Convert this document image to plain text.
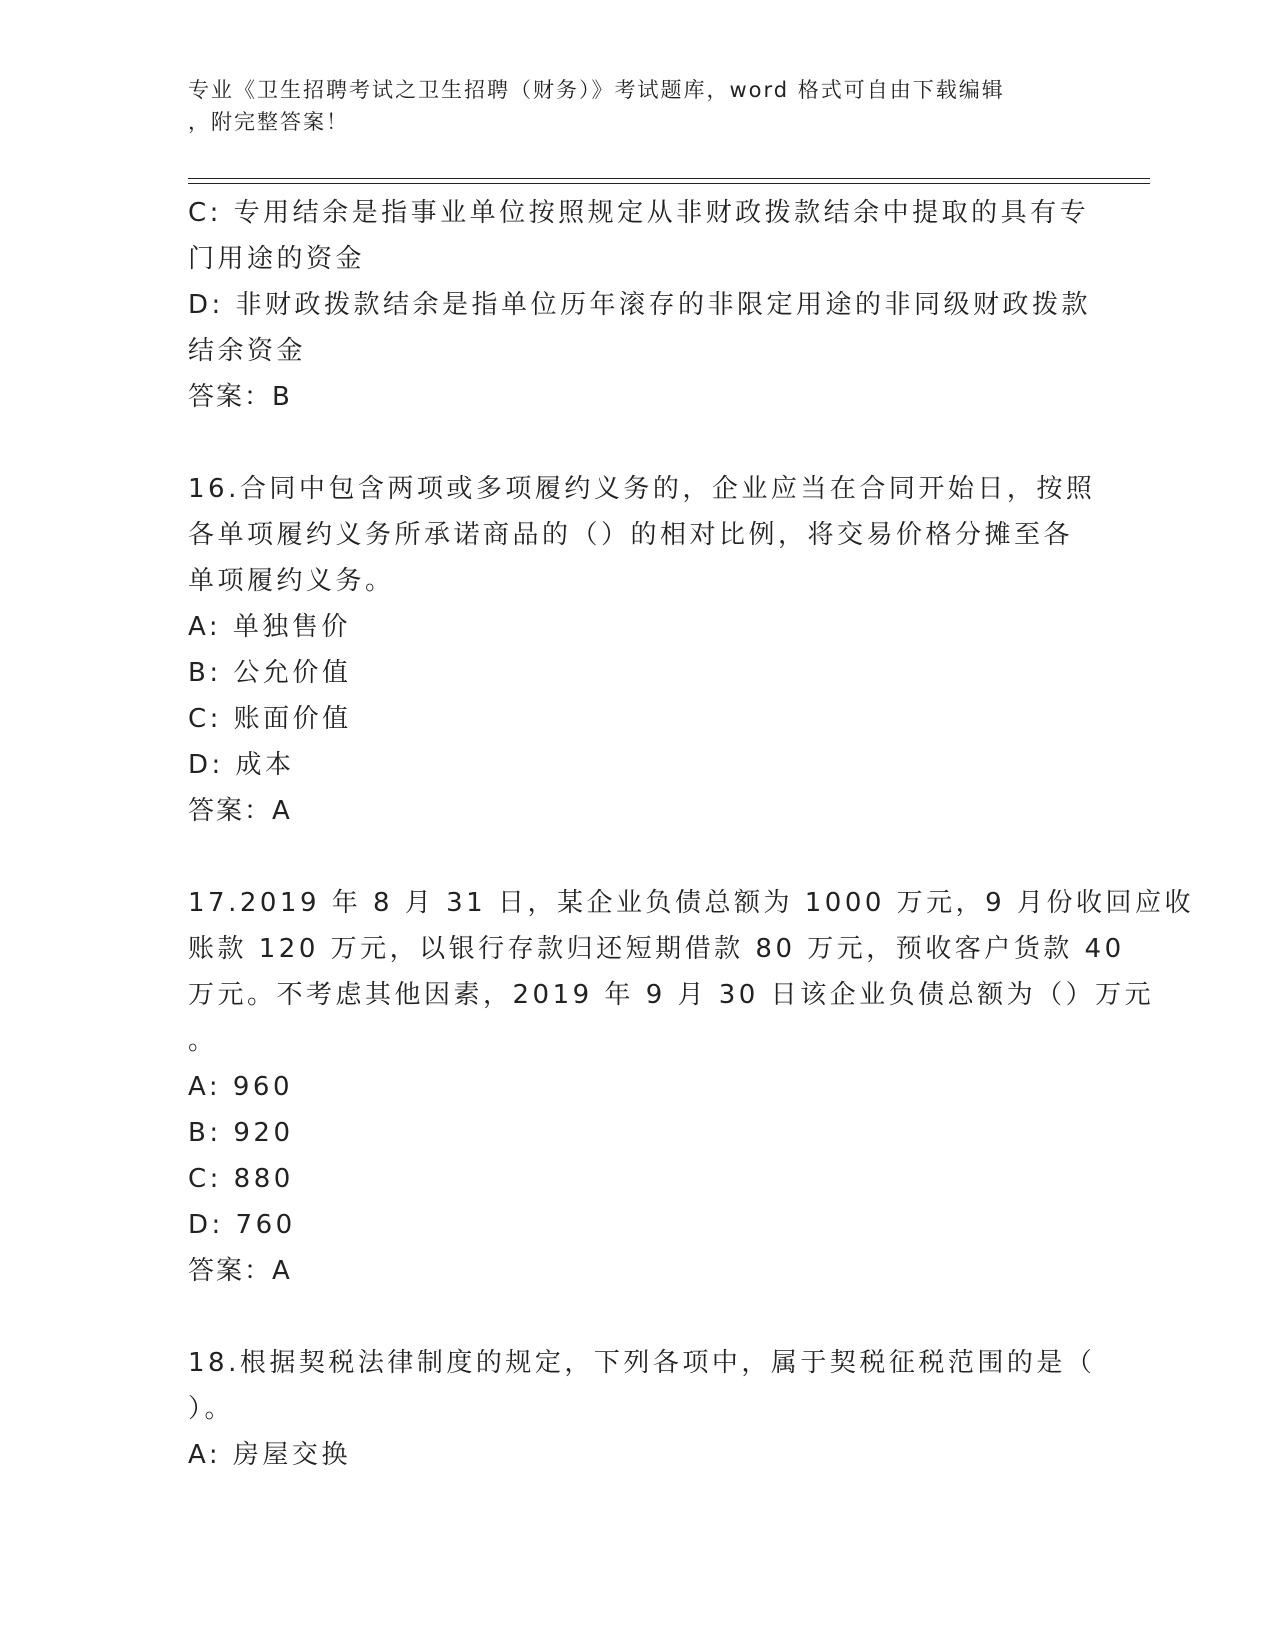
专业《卫生招聘考试之卫生招聘（财务）》考试题库，word 格式可自由下载编辑
，附完整答案！
C: 专用结余是指事业单位按照规定从非财政拨款结余中提取的具有专
门用途的资金
D: 非财政拨款结余是指单位历年滚存的非限定用途的非同级财政拨款
结余资金
答案：B
16.合同中包含两项或多项履约义务的，企业应当在合同开始日，按照
各单项履约义务所承诺商品的（）的相对比例，将交易价格分摊至各
单项履约义务。
A: 单独售价
B: 公允价值
C: 账面价值
D: 成本
答案：A
17.2019 年 8 月 31 日，某企业负债总额为 1000 万元，9 月份收回应收
账款 120 万元，以银行存款归还短期借款 80 万元，预收客户货款 40
万元。不考虑其他因素，2019 年 9 月 30 日该企业负债总额为（）万元
。
A: 960
B: 920
C: 880
D: 760
答案：A
18.根据契税法律制度的规定，下列各项中，属于契税征税范围的是（
）。
A: 房屋交换
